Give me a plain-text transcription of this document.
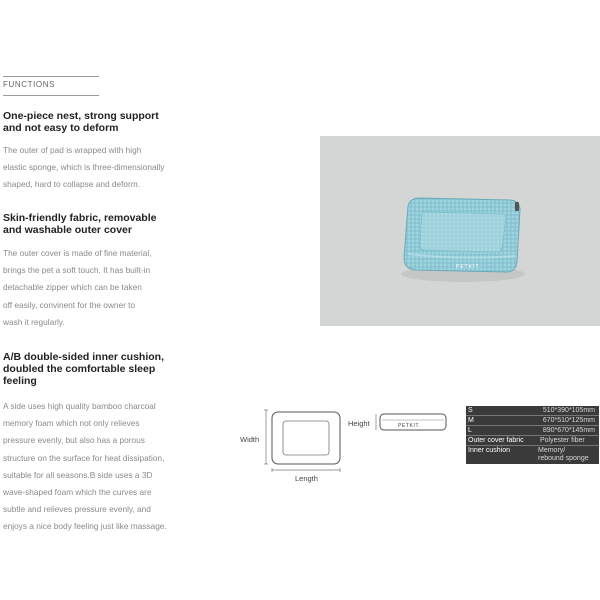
FUNCTIONS
One-piece nest, strong support
and not easy to deform
The outer of pad is wrapped with high
elastic sponge, which is three-dimensionally
shaped, hard to collapse and deform.
Skin-friendly fabric, removable
and washable outer cover
The outer cover is made of fine material,
brings the pet a soft touch. It has built-in
detachable zipper which can be taken
off easily, convinent for the owner to
wash it regularly.
A/B double-sided inner cushion,
doubled the comfortable sleep
feeling
A side uses high quality bamboo charcoal
memory foam which not only relieves
pressure evenly, but also has a porous
structure on the surface for heat dissipation,
suitable for all seasons.B side uses a 3D
wave-shaped foam which the curves are
subtle and relieves pressure evenly, and
enjoys a nice body feeling just like massage.
PETKIT.
Width
Length
Height	PETKIT.
S	510*390*105mm
M	670*510*125mm
L	890*670*145mm
Outer cover fabric	Polyester fiber
Inner cushion	Memory/
rebound sponge
